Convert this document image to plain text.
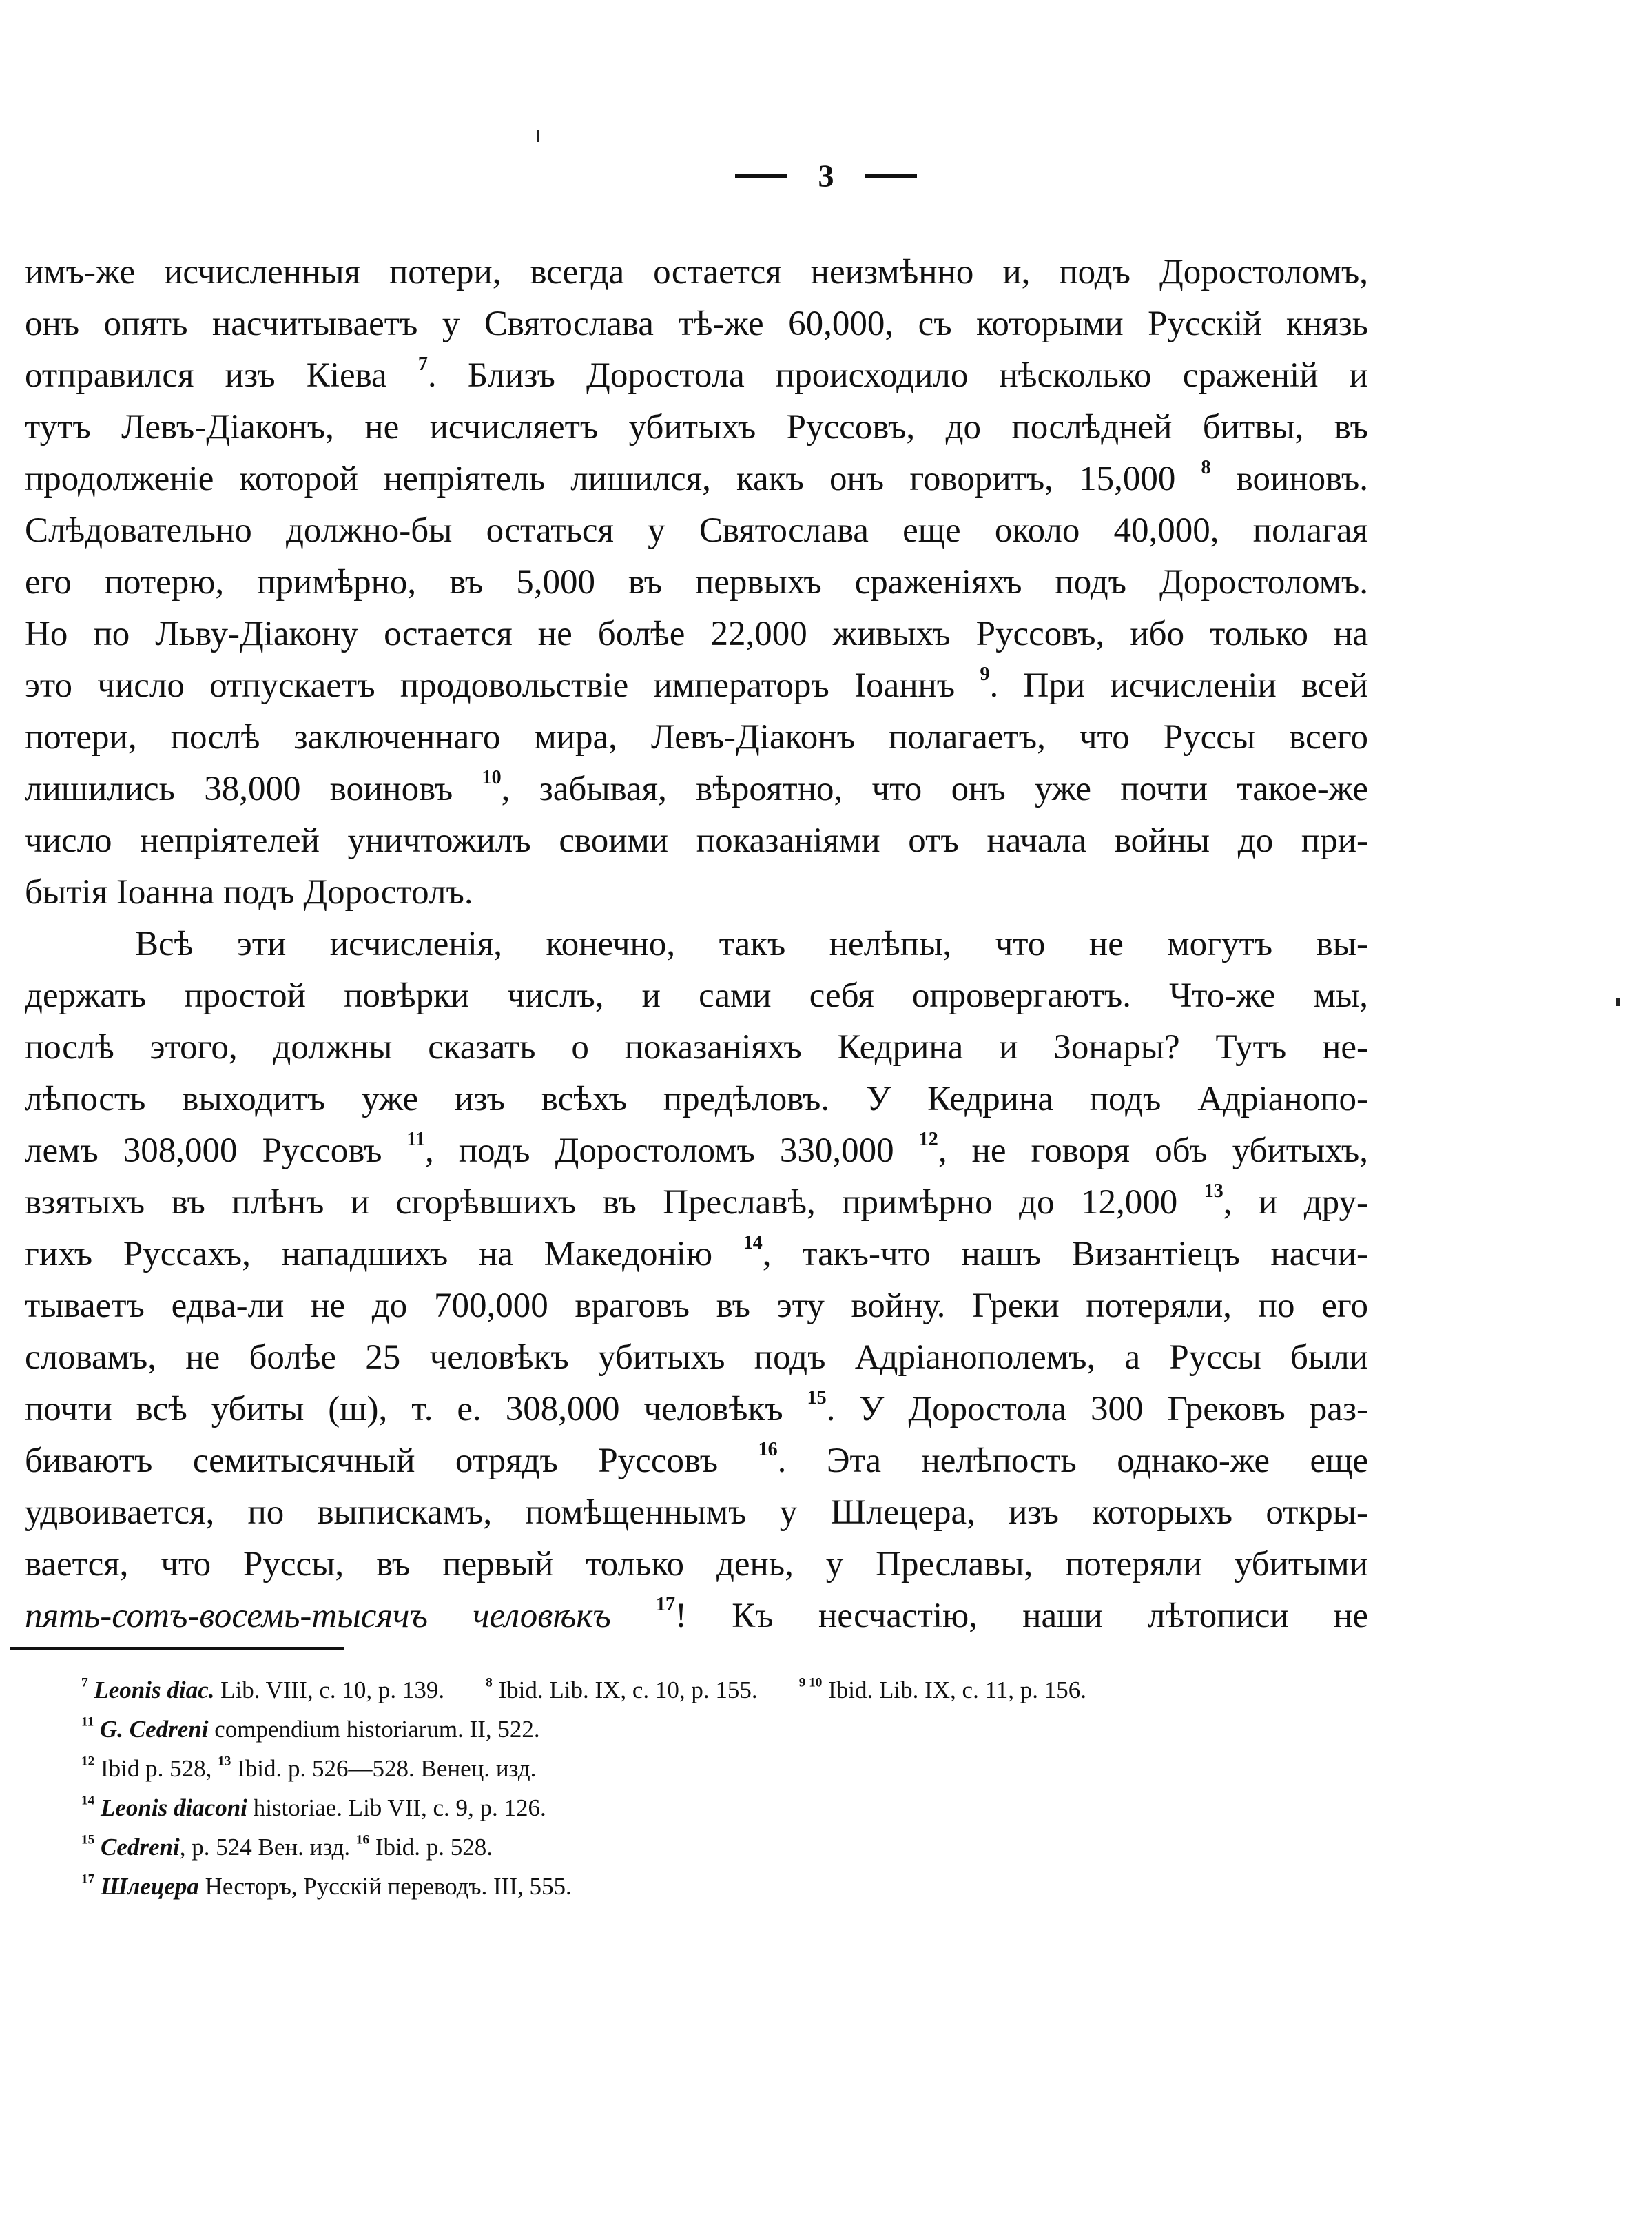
3
имъ-же исчисленныя потери, всегда остается неизмѣнно и, подъ Доростоломъ,
онъ опять насчитываетъ у Святослава тѣ-же 60,000, съ которыми Русскій князь
отправился изъ Кіева $^7$. Близъ Доростола происходило нѣсколько сраженій и
тутъ Левъ-Діаконъ, не исчисляетъ убитыхъ Руссовъ, до послѣдней битвы, въ
продолженіе которой непріятель лишился, какъ онъ говоритъ, 15,000 $^8$ воиновъ.
Слѣдовательно должно-бы остаться у Святослава еще около 40,000, полагая
его потерю, примѣрно, въ 5,000 въ первыхъ сраженіяхъ подъ Доростоломъ.
Но по Льву-Діакону остается не болѣе 22,000 живыхъ Руссовъ, ибо только на
это число отпускаетъ продовольствіе императоръ Іоаннъ $^9$. При исчисленіи всей
потери, послѣ заключеннаго мира, Левъ-Діаконъ полагаетъ, что Руссы всего
лишились 38,000 воиновъ $^{10}$, забывая, вѣроятно, что онъ уже почти такое-же
число непріятелей уничтожилъ своими показаніями отъ начала войны до при-
бытія Іоанна подъ Доростолъ.
Всѣ эти исчисленія, конечно, такъ нелѣпы, что не могутъ вы-
держать простой повѣрки числъ, и сами себя опровергаютъ. Что-же мы,
послѣ этого, должны сказать о показаніяхъ Кедрина и Зонары? Тутъ не-
лѣпость выходитъ уже изъ всѣхъ предѣловъ. У Кедрина подъ Адріанопо-
лемъ 308,000 Руссовъ $^{11}$, подъ Доростоломъ 330,000 $^{12}$, не говоря объ убитыхъ,
взятыхъ въ плѣнъ и сгорѣвшихъ въ Преславѣ, примѣрно до 12,000 $^{13}$, и дру-
гихъ Руссахъ, нападшихъ на Македонію $^{14}$, такъ-что нашъ Византіецъ насчи-
тываетъ едва-ли не до 700,000 враговъ въ эту войну. Греки потеряли, по его
словамъ, не болѣе 25 человѣкъ убитыхъ подъ Адріанополемъ, а Руссы были
почти всѣ убиты (ш), т. е. 308,000 человѣкъ $^{15}$. У Доростола 300 Грековъ раз-
биваютъ семитысячный отрядъ Руссовъ $^{16}$. Эта нелѣпость однако-же еще
удвоивается, по выпискамъ, помѣщеннымъ у Шлецера, изъ которыхъ откры-
вается, что Руссы, въ первый только день, у Преславы, потеряли убитыми
пять-сотъ-восемь-тысячъ человѣкъ $^{17}$! Къ несчастію, наши лѣтописи не
$^7$ Leonis diac. Lib. VIII, c. 10, p. 139.	$^8$ Ibid. Lib. IX, c. 10, p. 155.	$^{9 10}$ Ibid. Lib. IX, c. 11, p. 156.
$^{11}$ G. Cedreni compendium historiarum. II, 522.
$^{12}$ Ibid p. 528, $^{13}$ Ibid. p. 526—528. Венец. изд.
$^{14}$ Leonis diaconi historiae. Lib VII, c. 9, p. 126.
$^{15}$ Cedreni, p. 524 Вен. изд. $^{16}$ Ibid. p. 528.
$^{17}$ Шлецера Несторъ, Русскій переводъ. III, 555.
